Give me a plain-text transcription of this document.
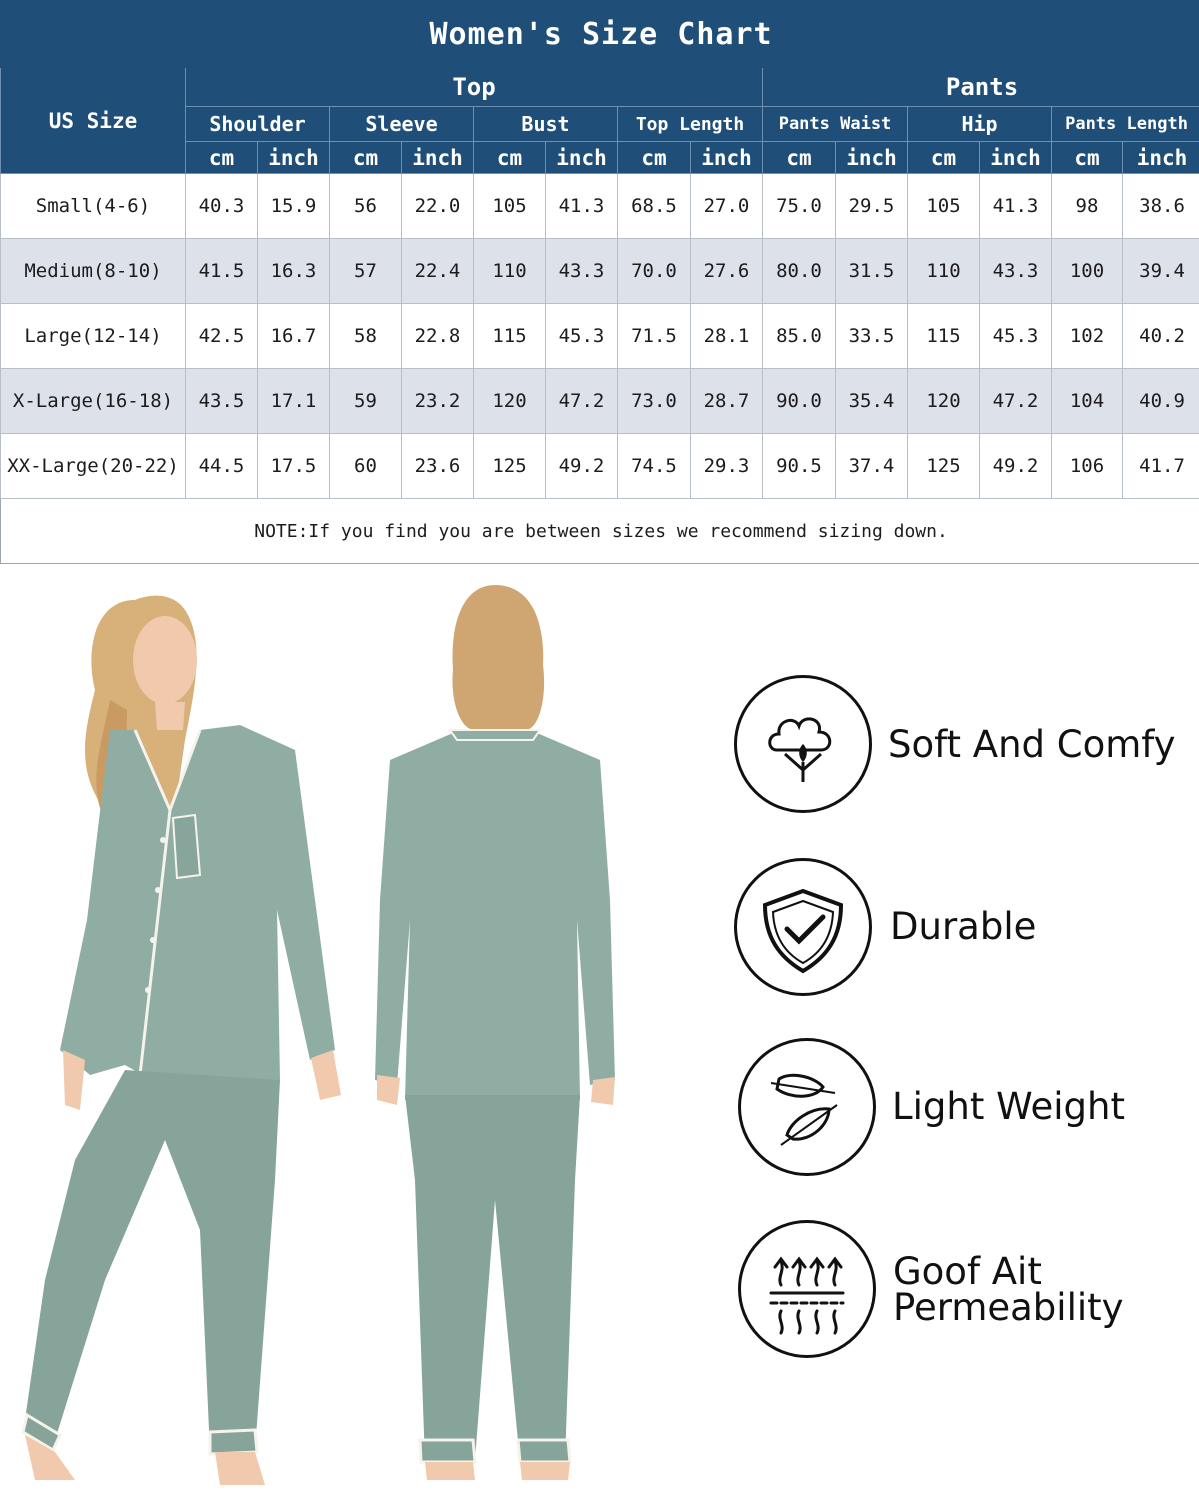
Women's Size Chart														
US Size	Top								Pants					
	Shoulder		Sleeve		Bust		Top Length		Pants Waist		Hip		Pants Length	
	cm	inch	cm	inch	cm	inch	cm	inch	cm	inch	cm	inch	cm	inch
Small(4-6)	40.3	15.9	56	22.0	105	41.3	68.5	27.0	75.0	29.5	105	41.3	98	38.6
Medium(8-10)	41.5	16.3	57	22.4	110	43.3	70.0	27.6	80.0	31.5	110	43.3	100	39.4
Large(12-14)	42.5	16.7	58	22.8	115	45.3	71.5	28.1	85.0	33.5	115	45.3	102	40.2
X-Large(16-18)	43.5	17.1	59	23.2	120	47.2	73.0	28.7	90.0	35.4	120	47.2	104	40.9
XX-Large(20-22)	44.5	17.5	60	23.6	125	49.2	74.5	29.3	90.5	37.4	125	49.2	106	41.7
NOTE:If you find you are between sizes we recommend sizing down.														
Soft And Comfy
Durable
Light Weight
Goof Ait
Permeability
